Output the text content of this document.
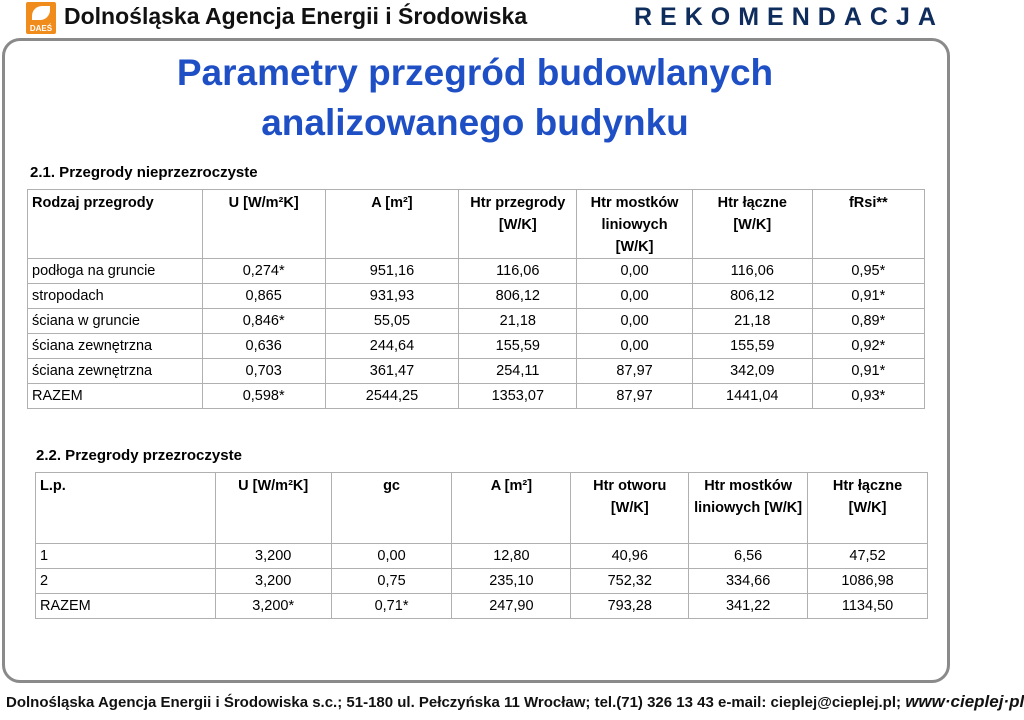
DAEŚ Dolnośląska Agencja Energii i Środowiska	REKOMENDACJA
Parametry przegród budowlanych
analizowanego budynku
2.1. Przegrody nieprzezroczyste
Rodzaj przegrody	U [W/m²K]	A [m²]	Htr przegrody [W/K]	Htr mostków liniowych [W/K]	Htr łączne [W/K]	fRsi**
podłoga na gruncie	0,274*	951,16	116,06	0,00	116,06	0,95*
stropodach	0,865	931,93	806,12	0,00	806,12	0,91*
ściana w gruncie	0,846*	55,05	21,18	0,00	21,18	0,89*
ściana zewnętrzna	0,636	244,64	155,59	0,00	155,59	0,92*
ściana zewnętrzna	0,703	361,47	254,11	87,97	342,09	0,91*
RAZEM	0,598*	2544,25	1353,07	87,97	1441,04	0,93*
2.2. Przegrody przezroczyste
L.p.	U [W/m²K]	gc	A [m²]	Htr otworu [W/K]	Htr mostków liniowych [W/K]	Htr łączne [W/K]
1	3,200	0,00	12,80	40,96	6,56	47,52
2	3,200	0,75	235,10	752,32	334,66	1086,98
RAZEM	3,200*	0,71*	247,90	793,28	341,22	1134,50
Dolnośląska Agencja Energii i Środowiska s.c.; 51-180 ul. Pełczyńska 11 Wrocław; tel.(71) 326 13 43 e-mail: cieplej@cieplej.pl; www·cieplej·pl
